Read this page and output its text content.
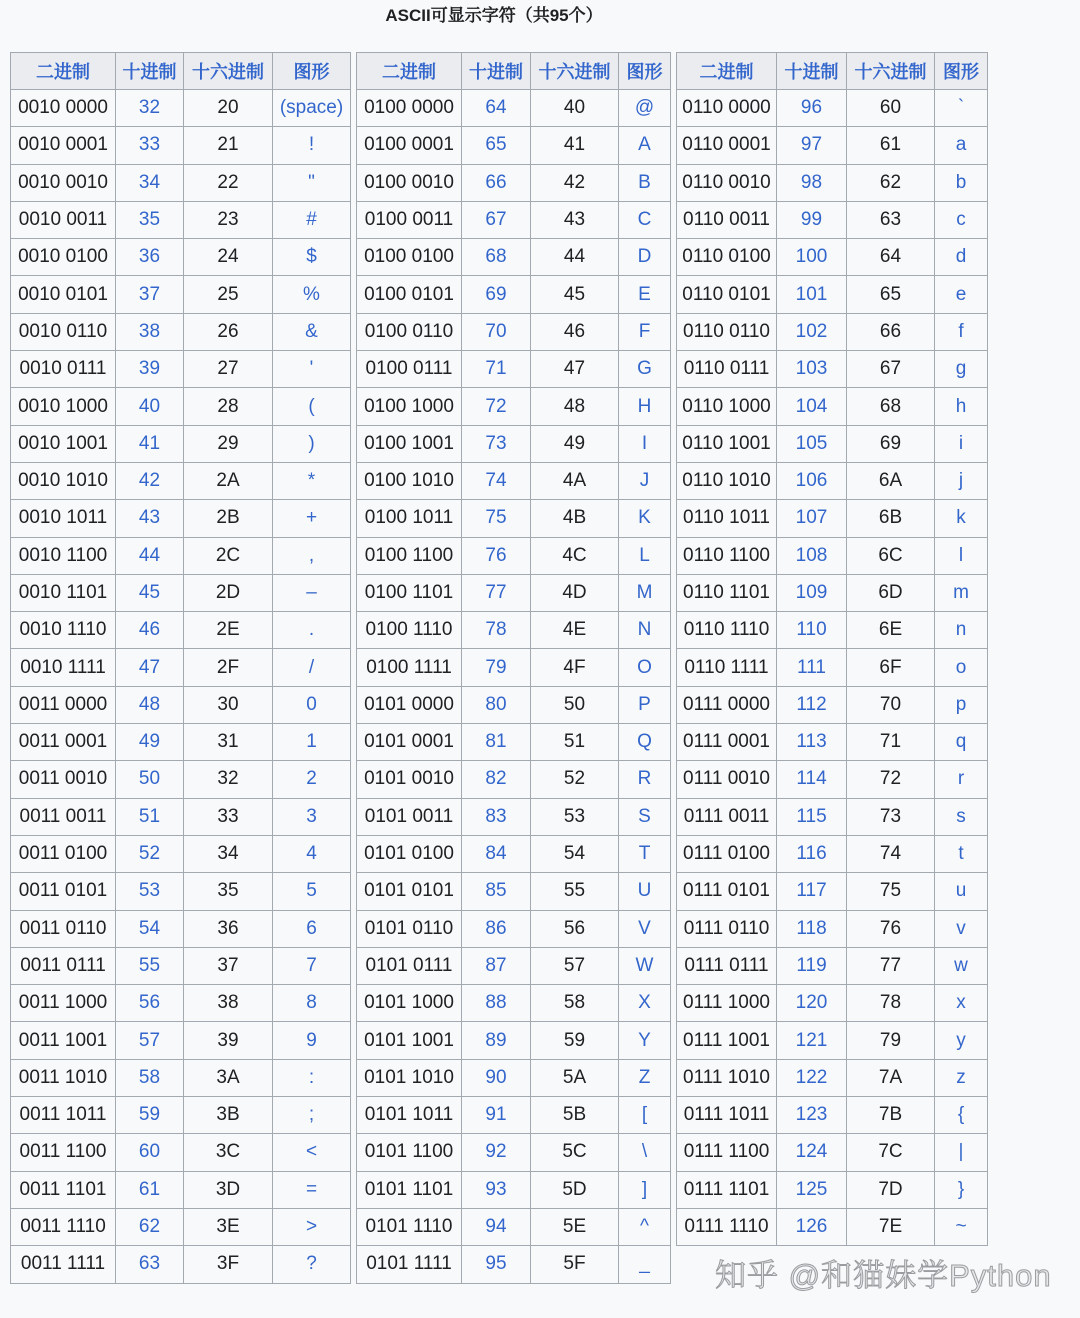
ASCII可显示字符（共95个）
二进制	十进制	十六进制	图形
0010 0000	32	20	(space)
0010 0001	33	21	!
0010 0010	34	22	"
0010 0011	35	23	#
0010 0100	36	24	$
0010 0101	37	25	%
0010 0110	38	26	&
0010 0111	39	27	'
0010 1000	40	28	(
0010 1001	41	29	)
0010 1010	42	2A	*
0010 1011	43	2B	+
0010 1100	44	2C	,
0010 1101	45	2D	–
0010 1110	46	2E	.
0010 1111	47	2F	/
0011 0000	48	30	0
0011 0001	49	31	1
0011 0010	50	32	2
0011 0011	51	33	3
0011 0100	52	34	4
0011 0101	53	35	5
0011 0110	54	36	6
0011 0111	55	37	7
0011 1000	56	38	8
0011 1001	57	39	9
0011 1010	58	3A	:
0011 1011	59	3B	;
0011 1100	60	3C	<
0011 1101	61	3D	=
0011 1110	62	3E	>
0011 1111	63	3F	?
二进制	十进制	十六进制	图形
0100 0000	64	40	@
0100 0001	65	41	A
0100 0010	66	42	B
0100 0011	67	43	C
0100 0100	68	44	D
0100 0101	69	45	E
0100 0110	70	46	F
0100 0111	71	47	G
0100 1000	72	48	H
0100 1001	73	49	I
0100 1010	74	4A	J
0100 1011	75	4B	K
0100 1100	76	4C	L
0100 1101	77	4D	M
0100 1110	78	4E	N
0100 1111	79	4F	O
0101 0000	80	50	P
0101 0001	81	51	Q
0101 0010	82	52	R
0101 0011	83	53	S
0101 0100	84	54	T
0101 0101	85	55	U
0101 0110	86	56	V
0101 0111	87	57	W
0101 1000	88	58	X
0101 1001	89	59	Y
0101 1010	90	5A	Z
0101 1011	91	5B	[
0101 1100	92	5C	\
0101 1101	93	5D	]
0101 1110	94	5E	^
0101 1111	95	5F	_
二进制	十进制	十六进制	图形
0110 0000	96	60	`
0110 0001	97	61	a
0110 0010	98	62	b
0110 0011	99	63	c
0110 0100	100	64	d
0110 0101	101	65	e
0110 0110	102	66	f
0110 0111	103	67	g
0110 1000	104	68	h
0110 1001	105	69	i
0110 1010	106	6A	j
0110 1011	107	6B	k
0110 1100	108	6C	l
0110 1101	109	6D	m
0110 1110	110	6E	n
0110 1111	111	6F	o
0111 0000	112	70	p
0111 0001	113	71	q
0111 0010	114	72	r
0111 0011	115	73	s
0111 0100	116	74	t
0111 0101	117	75	u
0111 0110	118	76	v
0111 0111	119	77	w
0111 1000	120	78	x
0111 1001	121	79	y
0111 1010	122	7A	z
0111 1011	123	7B	{
0111 1100	124	7C	|
0111 1101	125	7D	}
0111 1110	126	7E	~
知乎 @和猫妹学Python
